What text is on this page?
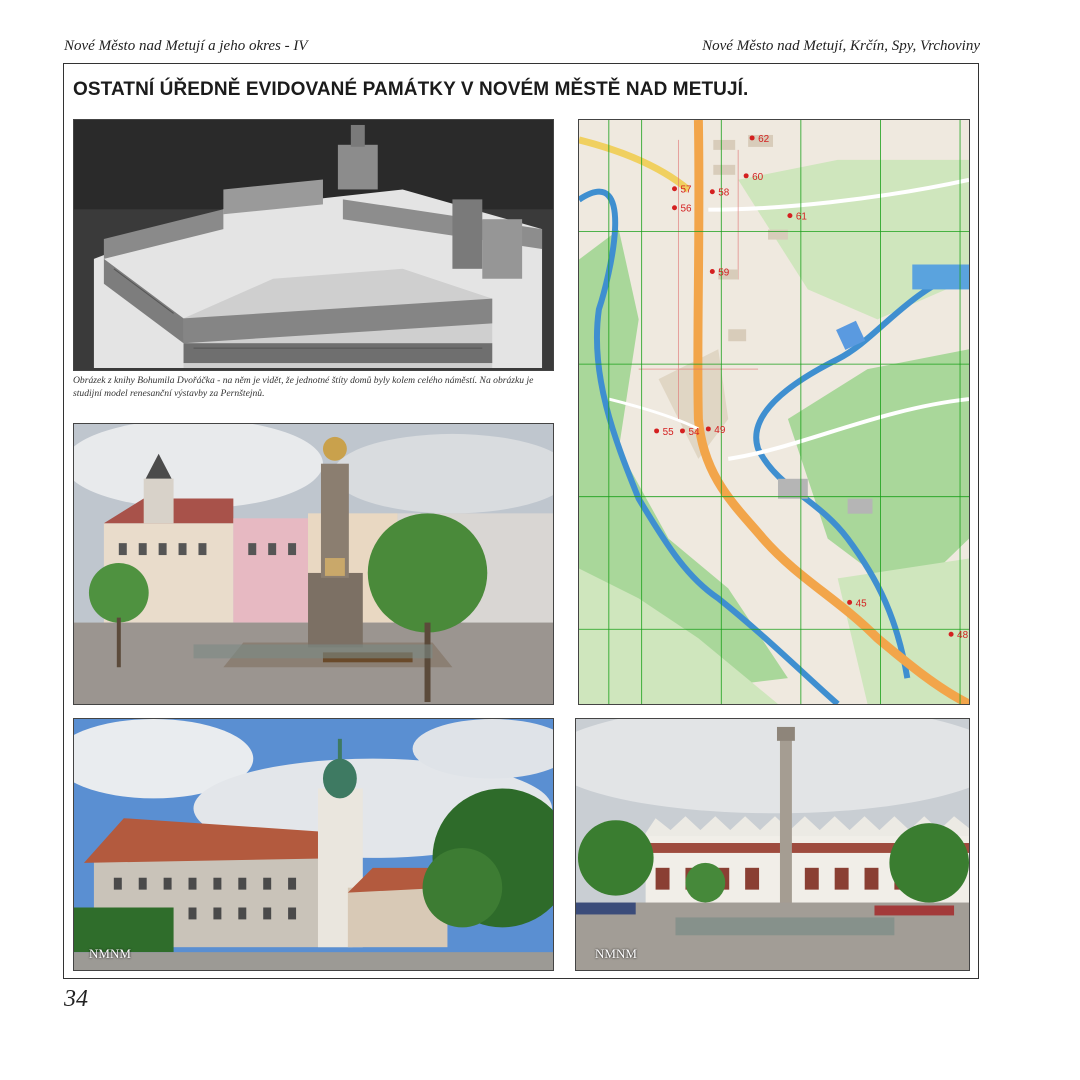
Nové Město nad Metují a jeho okres - IV	Nové Město nad Metují, Krčín, Spy, Vrchoviny
OSTATNÍ ÚŘEDNĚ EVIDOVANÉ PAMÁTKY V NOVÉM MĚSTĚ NAD METUJÍ.
Obrázek z knihy Bohumila Dvořáčka - na něm je vidět, že jednotné štíty domů byly kolem celého náměstí. Na obrázku je studijní model renesanční výstavby za Pernštejnů.
62
60
57	58
56
61
59
55 54 49
45
48
NMNM	NMNM
34
